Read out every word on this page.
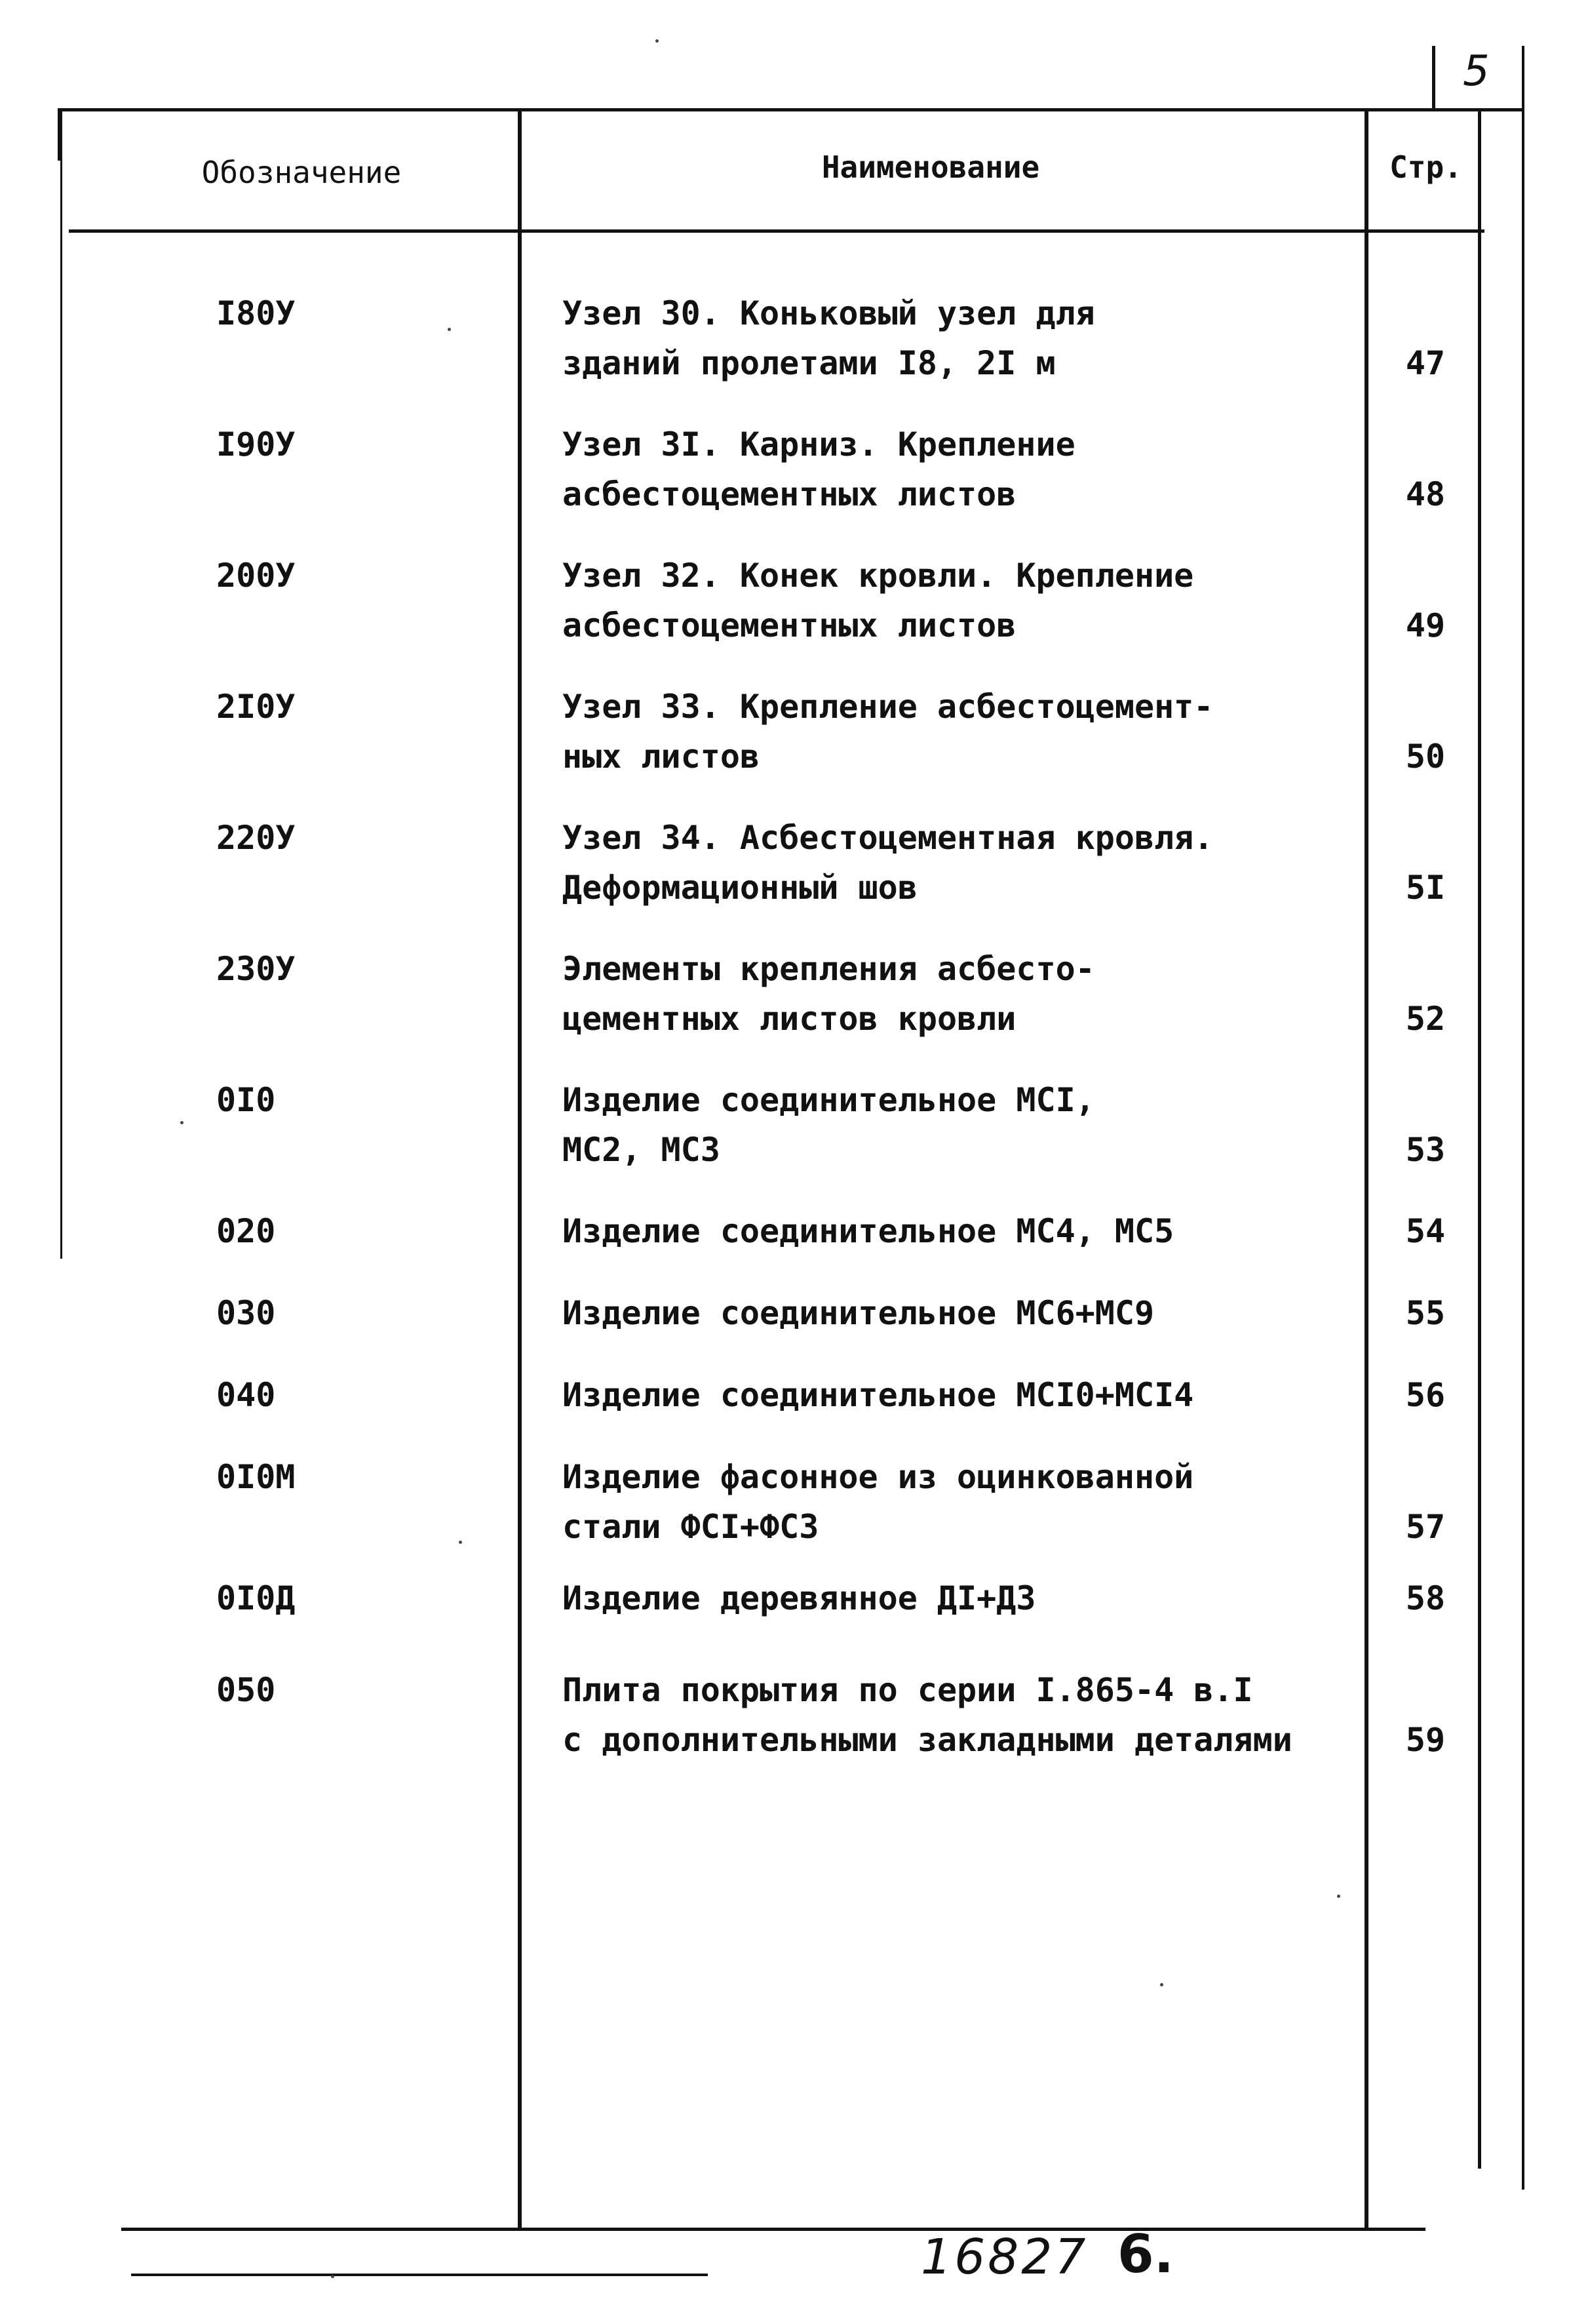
5
Обозначение	Наименование	Стр.
I80У	Узел 30. Коньковый узел для
зданий пролетами I8, 2I м	47
I90У	Узел 3I. Карниз. Крепление
асбестоцементных листов	48
200У	Узел 32. Конек кровли. Крепление
асбестоцементных листов	49
2I0У	Узел 33. Крепление асбестоцемент-
ных листов	50
220У	Узел 34. Асбестоцементная кровля.
Деформационный шов	5I
230У	Элементы крепления асбесто-
цементных листов кровли	52
0I0	Изделие соединительное МСI,
МС2, МС3	53
020	Изделие соединительное МС4, МС5	54
030	Изделие соединительное МС6+МС9	55
040	Изделие соединительное МСI0+МСI4	56
0I0М	Изделие фасонное из оцинкованной
стали ФСI+ФС3	57
0I0Д	Изделие деревянное ДI+Д3	58
050	Плита покрытия по серии I.865-4 в.I
с дополнительными закладными деталями	59
16827 6.
